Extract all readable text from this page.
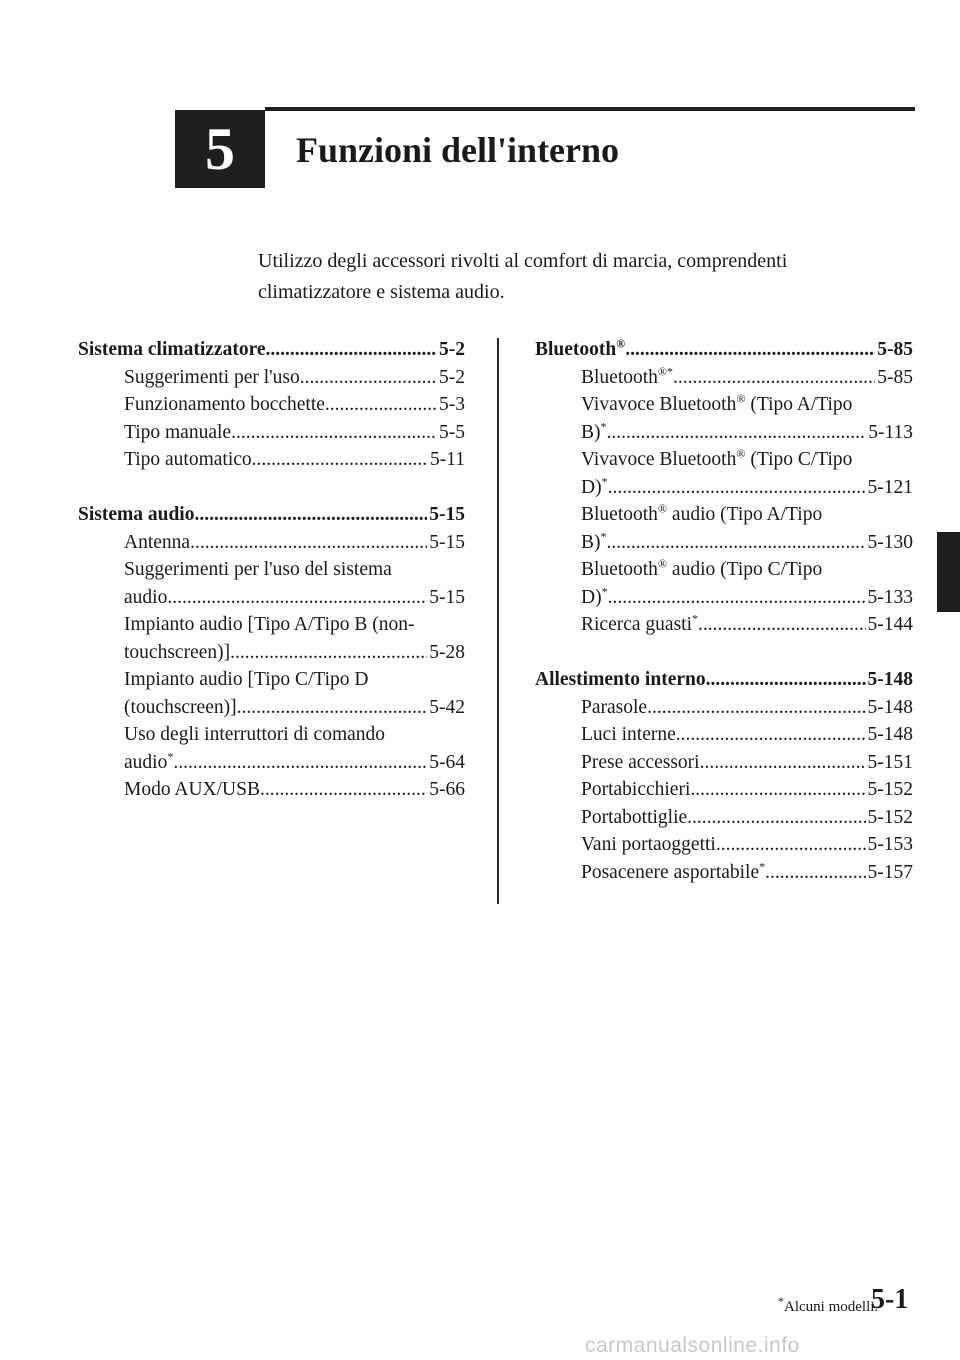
5	Funzioni dell'interno
Utilizzo degli accessori rivolti al comfort di marcia, comprendenti
climatizzatore e sistema audio.
Sistema climatizzatore .....	5-2
Suggerimenti per l'uso .....	5-2
Funzionamento bocchette .....	5-3
Tipo manuale .....	5-5
Tipo automatico .....	5-11
Sistema audio .....	5-15
Antenna .....	5-15
Suggerimenti per l'uso del sistema
audio .....	5-15
Impianto audio [Tipo A/Tipo B (non-
touchscreen)] .....	5-28
Impianto audio [Tipo C/Tipo D
(touchscreen)] .....	5-42
Uso degli interruttori di comando
audio* .....	5-64
Modo AUX/USB .....	5-66
Bluetooth® .....	5-85
Bluetooth®* .....	5-85
Vivavoce Bluetooth® (Tipo A/Tipo
B)* .....	5-113
Vivavoce Bluetooth® (Tipo C/Tipo
D)* .....	5-121
Bluetooth® audio (Tipo A/Tipo
B)* .....	5-130
Bluetooth® audio (Tipo C/Tipo
D)* .....	5-133
Ricerca guasti* .....	5-144
Allestimento interno .....	5-148
Parasole .....	5-148
Luci interne .....	5-148
Prese accessori .....	5-151
Portabicchieri .....	5-152
Portabottiglie .....	5-152
Vani portaoggetti .....	5-153
Posacenere asportabile* .....	5-157
*Alcuni modelli.
5-1
carmanualsonline.info
